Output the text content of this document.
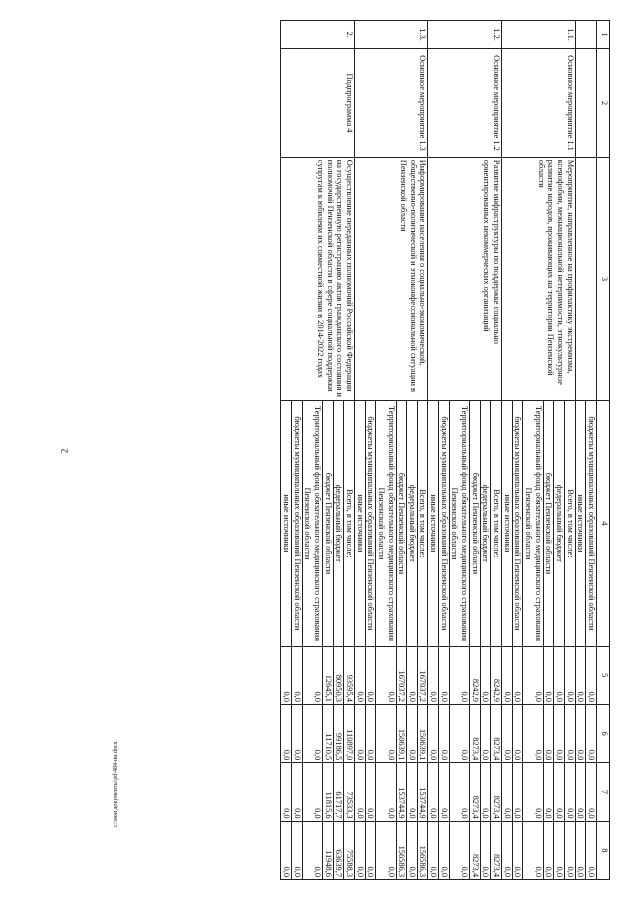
2
1	2	3	4	5	6	7	8
			бюджеты муниципальных образований Пензенской области	0,0	0,0	0,0	0,0
			иные источники	0,0	0,0	0,0	0,0
1.1.	Основное мероприятие 1.1	Мероприятие, направленное на профилактику экстремизма, ксенофобии, межнациональной нетерпимости, этнокультурное развитие народов, проживающих на территории Пензенской области	Всего, в том числе:	0,0	0,0	0,0	0,0
			федеральный бюджет	0,0	0,0	0,0	0,0
			бюджет Пензенской области	0,0	0,0	0,0	0,0
			Территориальный фонд обязательного медицинского страхования Пензенской области	0,0	0,0	0,0	0,0
			бюджеты муниципальных образований Пензенской области	0,0	0,0	0,0	0,0
			иные источники	0,0	0,0	0,0	0,0
1.2.	Основное мероприятие 1.2	Развитие инфраструктуры по поддержке социально ориентированных некоммерческих организаций	Всего, в том числе:	8242,9	8273,4	8273,4	8273,4
			федеральный бюджет	0,0	0,0	0,0	0,0
			бюджет Пензенской области	8242,9	8273,4	8273,4	8273,4
			Территориальный фонд обязательного медицинского страхования Пензенской области	0,0	0,0	0,0	0,0
			бюджеты муниципальных образований Пензенской области	0,0	0,0	0,0	0,0
			иные источники	0,0	0,0	0,0	0,0
1.3.	Основное мероприятие 1.3	Информирование населения о социально-экономической, общественно-политической и этноконфессиональной ситуации в Пензенской области	Всего, в том числе:	167037,2	150639,1	153744,9	156586,3
			федеральный бюджет	0,0	0,0	0,0	0,0
			бюджет Пензенской области	167037,2	150639,1	153744,9	156586,3
			Территориальный фонд обязательного медицинского страхования Пензенской области	0,0	0,0	0,0	0,0
			бюджеты муниципальных образований Пензенской области	0,0	0,0	0,0	0,0
			иные источники	0,0	0,0	0,0	0,0
2.	Подпрограмма 4	Осуществление переданных полномочий Российской Федерации на государственную регистрацию актов гражданского состояния и полномочий Пензенской области в сфере социальной поддержки супругам к юбилеям их совместной жизни в 2014-2022 годах	Всего, в том числе:	93595,4	110897,0	73533,3	75588,3
			федеральный бюджет	80950,3	99186,5	61717,7	63639,7
			бюджет Пензенской области	12645,1	11710,5	11815,6	11948,6
			Территориальный фонд обязательного медицинского страхования Пензенской области	0,0	0,0	0,0	0,0
			бюджеты муниципальных образований Пензенской области	0,0	0,0	0,0	0,0
			иные источники	0,0	0,0	0,0	0,0
c:\мои документы\pd\484-ни.docx
